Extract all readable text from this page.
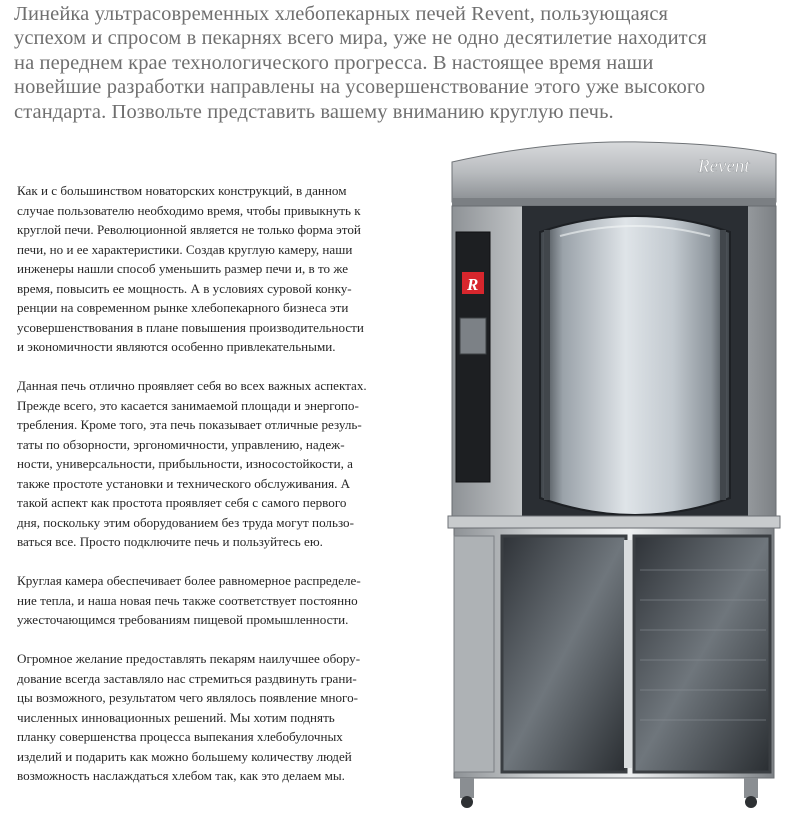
Линейка ультрасовременных хлебопекарных печей Revent, пользующаяся
успехом и спросом в пекарнях всего мира, уже не одно десятилетие находится
на переднем крае технологического прогресса. В настоящее время наши
новейшие разработки направлены на усовершенствование этого уже высокого
стандарта. Позвольте представить вашему вниманию круглую печь.
Как и с большинством новаторских конструкций, в данном
случае пользователю необходимо время, чтобы привыкнуть к
круглой печи. Революционной является не только форма этой
печи, но и ее характеристики. Создав круглую камеру, наши
инженеры нашли способ уменьшить размер печи и, в то же
время, повысить ее мощность. А в условиях суровой конку-
ренции на современном рынке хлебопекарного бизнеса эти
усовершенствования в плане повышения производительности
и экономичности являются особенно привлекательными.
Данная печь отлично проявляет себя во всех важных аспектах.
Прежде всего, это касается занимаемой площади и энергопо-
требления. Кроме того, эта печь показывает отличные резуль-
таты по обзорности, эргономичности, управлению, надеж-
ности, универсальности, прибыльности, износостойкости, а
также простоте установки и технического обслуживания. А
такой аспект как простота проявляет себя с самого первого
дня, поскольку этим оборудованием без труда могут пользо-
ваться все. Просто подключите печь и пользуйтесь ею.
Круглая камера обеспечивает более равномерное распределе-
ние тепла, и наша новая печь также соответствует постоянно
ужесточающимся требованиям пищевой промышленности.
Огромное желание предоставлять пекарям наилучшее обору-
дование всегда заставляло нас стремиться раздвинуть грани-
цы возможного, результатом чего являлось появление много-
численных инновационных решений. Мы хотим поднять
планку совершенства процесса выпекания хлебобулочных
изделий и подарить как можно большему количеству людей
возможность наслаждаться хлебом так, как это делаем мы.
Revent
R
